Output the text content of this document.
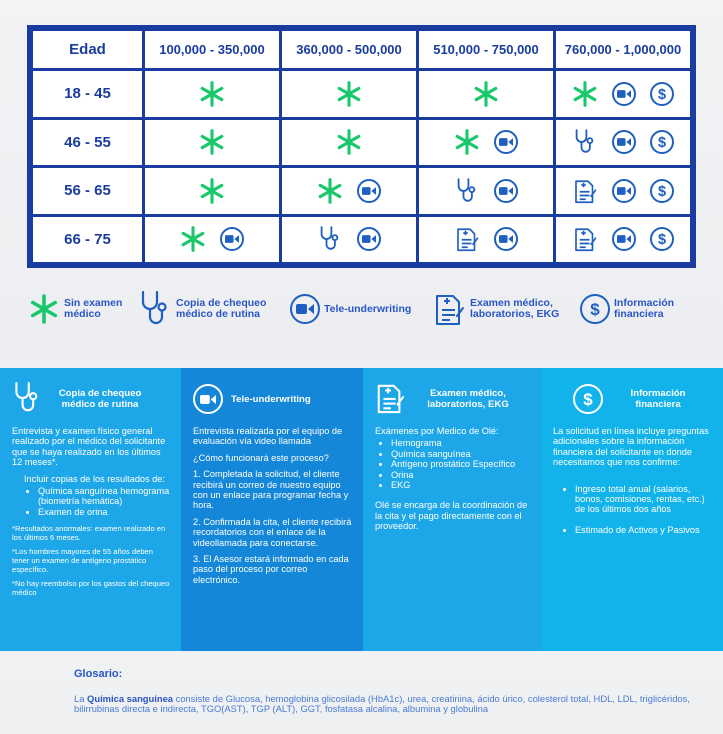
Edad	100,000 - 350,000	360,000 - 500,000	510,000 - 750,000	760,000 - 1,000,000
18 - 45				$

46 - 55				$

56 - 65				$

66 - 75				$
Sin examen médico
Copia de chequeo médico de rutina	Tele-underwriting	Examen médico, laboratorios, EKG	$ Información financiera
Copia de chequeo médico de rutina

Entrevista y examen físico general realizado por el médico del solicitante que se haya realizado en los últimos 12 meses*.

Incluir copias de los resultados de:

• Química sanguínea hemograma (biometría hemática)
• Examen de orina

*Resultados anormales: examen realizado en los últimos 6 meses.

*Los hombres mayores de 55 años deben tener un examen de antígeno prostático específico.

*No hay reembolso por los gastos del chequeo médico

Tele-underwriting

Entrevista realizada por el equipo de evaluación vía video llamada

¿Cómo funcionará este proceso?

1. Completada la solicitud, el cliente recibirá un correo de nuestro equipo con un enlace para programar fecha y hora.

2. Confirmada la cita, el cliente recibirá recordatorios con el enlace de la videollamada para conectarse.

3. El Asesor estará informado en cada paso del proceso por correo electrónico.

Examen médico, laboratorios, EKG

Exámenes por Medico de Olé:

• Hemograma
• Química sanguínea
• Antígeno prostático Específico
• Orina
• EKG

Olé se encarga de la coordinación de la cita y el pago directamente con el proveedor.

$	Información financiera

La solicitud en línea incluye preguntas adicionales sobre la información financiera del solicitante en donde necesitamos que nos confirme:

• Ingreso total anual (salarios, bonos, comisiones, rentas, etc.) de los últimos dos años
• Estimado de Activos y Pasivos
Glosario:
La Química sanguínea consiste de Glucosa, hemoglobina glicosilada (HbA1c), urea, creatinina, ácido úrico, colesterol total, HDL, LDL, triglicéridos, bilirrubinas directa e indirecta, TGO(AST), TGP (ALT), GGT, fosfatasa alcalina, albumina y globulina
